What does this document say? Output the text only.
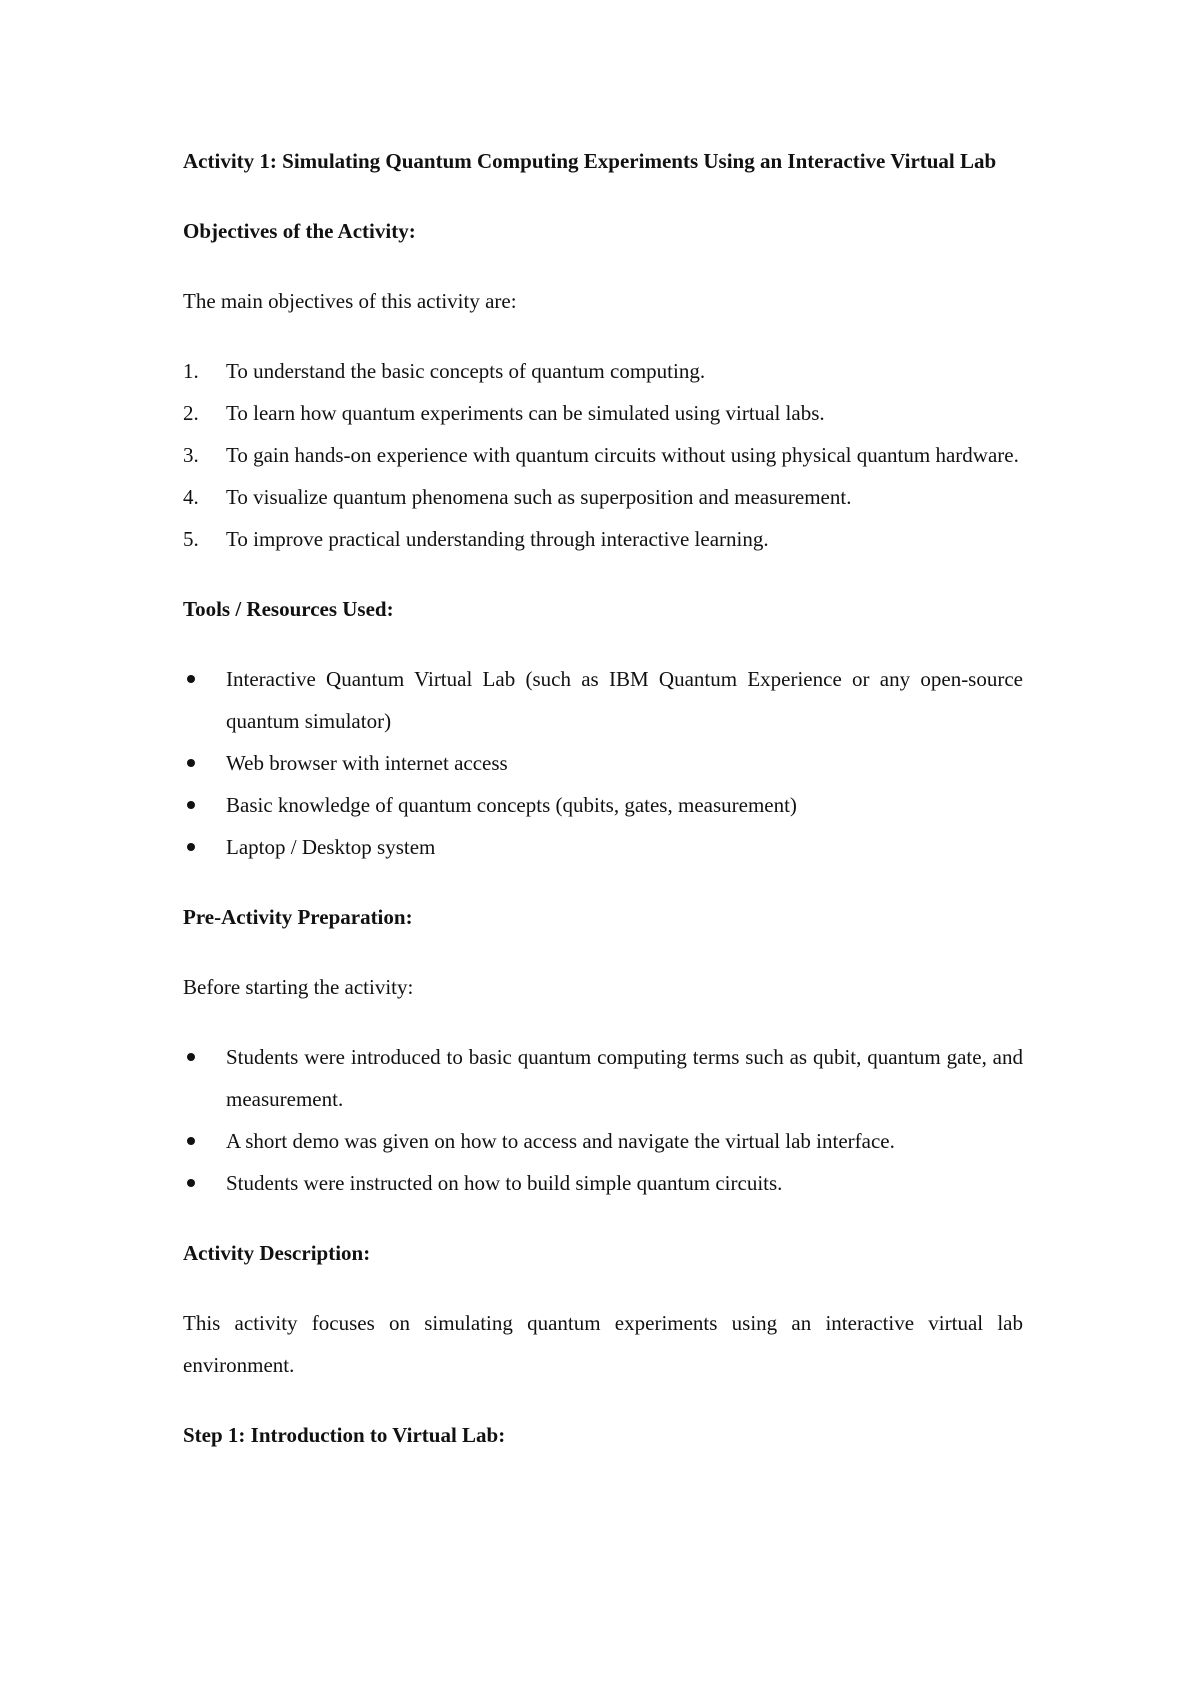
Activity 1: Simulating Quantum Computing Experiments Using an Interactive Virtual Lab
Objectives of the Activity:
The main objectives of this activity are:
1. To understand the basic concepts of quantum computing.
2. To learn how quantum experiments can be simulated using virtual labs.
3. To gain hands-on experience with quantum circuits without using physical quantum hardware.
4. To visualize quantum phenomena such as superposition and measurement.
5. To improve practical understanding through interactive learning.
Tools / Resources Used:
Interactive Quantum Virtual Lab (such as IBM Quantum Experience or any open-source quantum simulator)
Web browser with internet access
Basic knowledge of quantum concepts (qubits, gates, measurement)
Laptop / Desktop system
Pre-Activity Preparation:
Before starting the activity:
Students were introduced to basic quantum computing terms such as qubit, quantum gate, and measurement.
A short demo was given on how to access and navigate the virtual lab interface.
Students were instructed on how to build simple quantum circuits.
Activity Description:
This activity focuses on simulating quantum experiments using an interactive virtual lab environment.
Step 1: Introduction to Virtual Lab:
